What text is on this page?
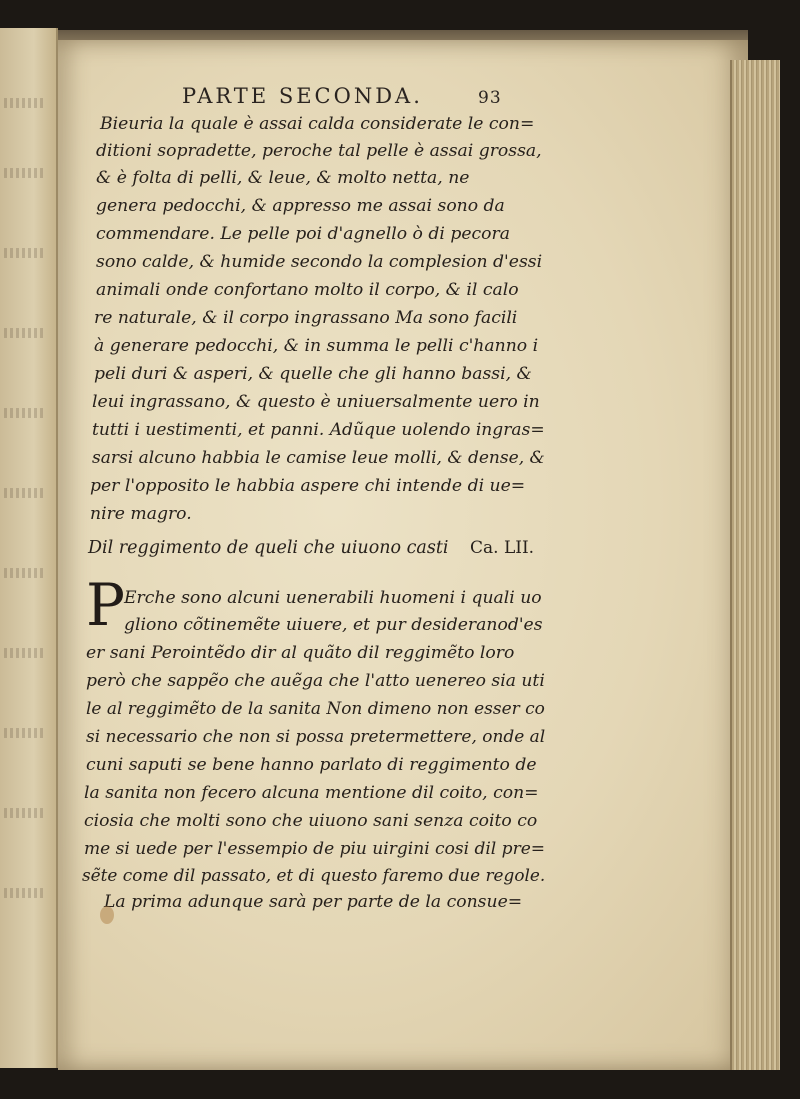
PARTE SECONDA.	93
Bieuria la quale è assai calda considerate le con=
ditioni sopradette, peroche tal pelle è assai grossa,
& è folta di pelli, & leue, & molto netta, ne
genera pedocchi, & appresso me assai sono da
commendare. Le pelle poi d'agnello ò di pecora
sono calde, & humide secondo la complesion d'essi
animali onde confortano molto il corpo, & il calo
re naturale, & il corpo ingrassano Ma sono facili
à generare pedocchi, & in summa le pelli c'hanno i
peli duri & asperi, & quelle che gli hanno bassi, &
leui ingrassano, & questo è uniuersalmente uero in
tutti i uestimenti, et panni. Adũque uolendo ingras=
sarsi alcuno habbia le camise leue molli, & dense, &
per l'opposito le habbia aspere chi intende di ue=
nire magro.
Dil reggimento de queli che uiuono casti Ca. LII.
P
Erche sono alcuni uenerabili huomeni i quali uo
gliono cõtinemẽte uiuere, et pur desideranod'es
er sani Perointẽdo dir al quãto dil reggimẽto loro
però che sappẽo che auẽga che l'atto uenereo sia uti
le al reggimẽto de la sanita Non dimeno non esser co
si necessario che non si possa pretermettere, onde al
cuni saputi se bene hanno parlato di reggimento de
la sanita non fecero alcuna mentione dil coito, con=
ciosia che molti sono che uiuono sani senza coito co
me si uede per l'essempio de piu uirgini cosi dil pre=
sẽte come dil passato, et di questo faremo due regole.
La prima adunque sarà per parte de la consue=
